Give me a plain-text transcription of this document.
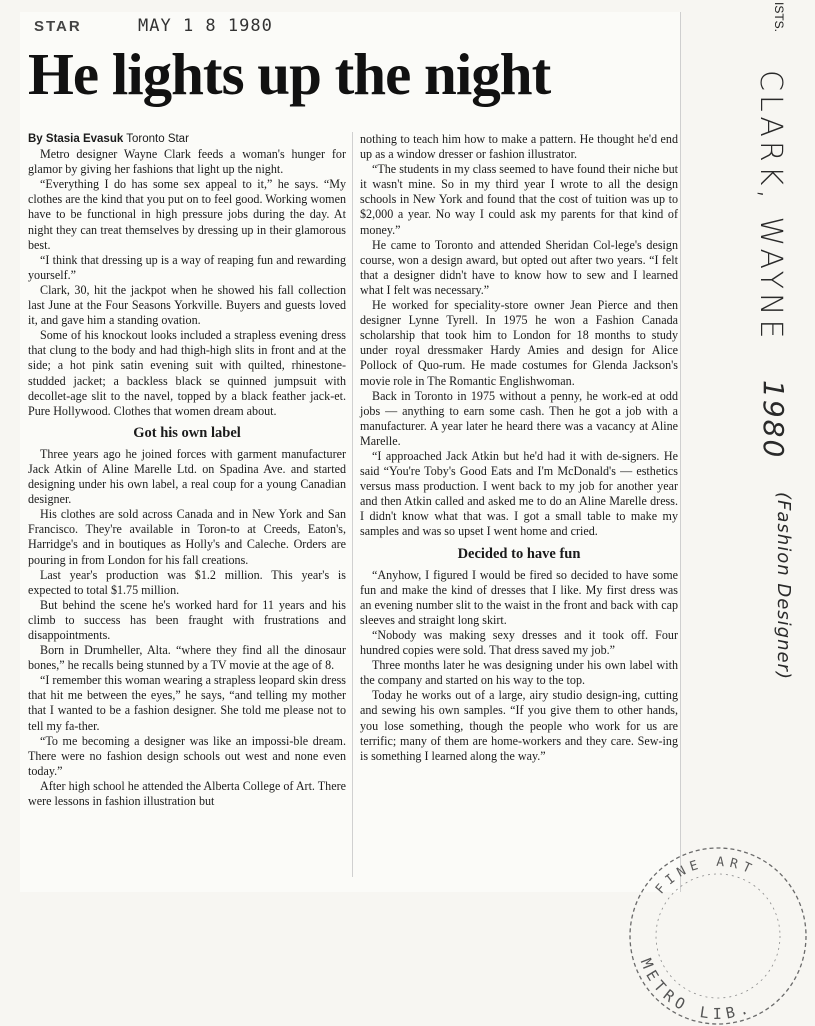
STAR	MAY 1 8 1980
He lights up the night

By Stasia Evasuk Toronto Star

Metro designer Wayne Clark feeds a woman's hunger for glamor by giving her fashions that light up the night.

“Everything I do has some sex appeal to it,” he says. “My clothes are the kind that you put on to feel good. Working women have to be functional in high pressure jobs during the day. At night they can treat themselves by dressing up in their glamorous best.

“I think that dressing up is a way of reaping fun and rewarding yourself.”

Clark, 30, hit the jackpot when he showed his fall collection last June at the Four Seasons Yorkville. Buyers and guests loved it, and gave him a standing ovation.

Some of his knockout looks included a strapless evening dress that clung to the body and had thigh-high slits in front and at the side; a hot pink satin evening suit with quilted, rhinestone-studded jacket; a backless black se quinned jumpsuit with decollet-age slit to the navel, topped by a black feather jack-et. Pure Hollywood. Clothes that women dream about.

Got his own label

Three years ago he joined forces with garment manufacturer Jack Atkin of Aline Marelle Ltd. on Spadina Ave. and started designing under his own label, a real coup for a young Canadian designer.

His clothes are sold across Canada and in New York and San Francisco. They're available in Toron-to at Creeds, Eaton's, Harridge's and in boutiques as Holly's and Caleche. Orders are pouring in from London for his fall creations.

Last year's production was $1.2 million. This year's is expected to total $1.75 million.

But behind the scene he's worked hard for 11 years and his climb to success has been fraught with frustrations and disappointments.

Born in Drumheller, Alta. “where they find all the dinosaur bones,” he recalls being stunned by a TV movie at the age of 8.

“I remember this woman wearing a strapless leopard skin dress that hit me between the eyes,” he says, “and telling my mother that I wanted to be a fashion designer. She told me please not to tell my fa-ther.

“To me becoming a designer was like an impossi-ble dream. There were no fashion design schools out west and none even today.”

After high school he attended the Alberta College of Art. There were lessons in fashion illustration but

nothing to teach him how to make a pattern. He thought he'd end up as a window dresser or fashion illustrator.

“The students in my class seemed to have found their niche but it wasn't mine. So in my third year I wrote to all the design schools in New York and found that the cost of tuition was up to $2,000 a year. No way I could ask my parents for that kind of money.”

He came to Toronto and attended Sheridan Col-lege's design course, won a design award, but opted out after two years. “I felt that a designer didn't have to know how to sew and I learned what I felt was necessary.”

He worked for speciality-store owner Jean Pierce and then designer Lynne Tyrell. In 1975 he won a Fashion Canada scholarship that took him to London for 18 months to study under royal dressmaker Hardy Amies and design for Alice Pollock of Quo-rum. He made costumes for Glenda Jackson's movie role in The Romantic Englishwoman.

Back in Toronto in 1975 without a penny, he work-ed at odd jobs — anything to earn some cash. Then he got a job with a manufacturer. A year later he heard there was a vacancy at Aline Marelle.

“I approached Jack Atkin but he'd had it with de-signers. He said “You're Toby's Good Eats and I'm McDonald's — esthetics versus mass production. I went back to my job for another year and then Atkin called and asked me to do an Aline Marelle dress. I didn't know what that was. I got a small table to make my samples and was so upset I went home and cried.

Decided to have fun

“Anyhow, I figured I would be fired so decided to have some fun and make the kind of dresses that I like. My first dress was an evening number slit to the waist in the front and back with cap sleeves and straight long skirt.

“Nobody was making sexy dresses and it took off. Four hundred copies were sold. That dress saved my job.”

Three months later he was designing under his own label with the company and started on his way to the top.

Today he works out of a large, airy studio design-ing, cutting and sewing his own samples. “If you give them to other hands, you lose something, though the people who work for us are terrific; many of them are home-workers and they care. Sew-ing is something I learned along the way.”

ISTS.
CLARK, WAYNE
1980
(Fashion Designer)
FINE ART
METRO LIB.
